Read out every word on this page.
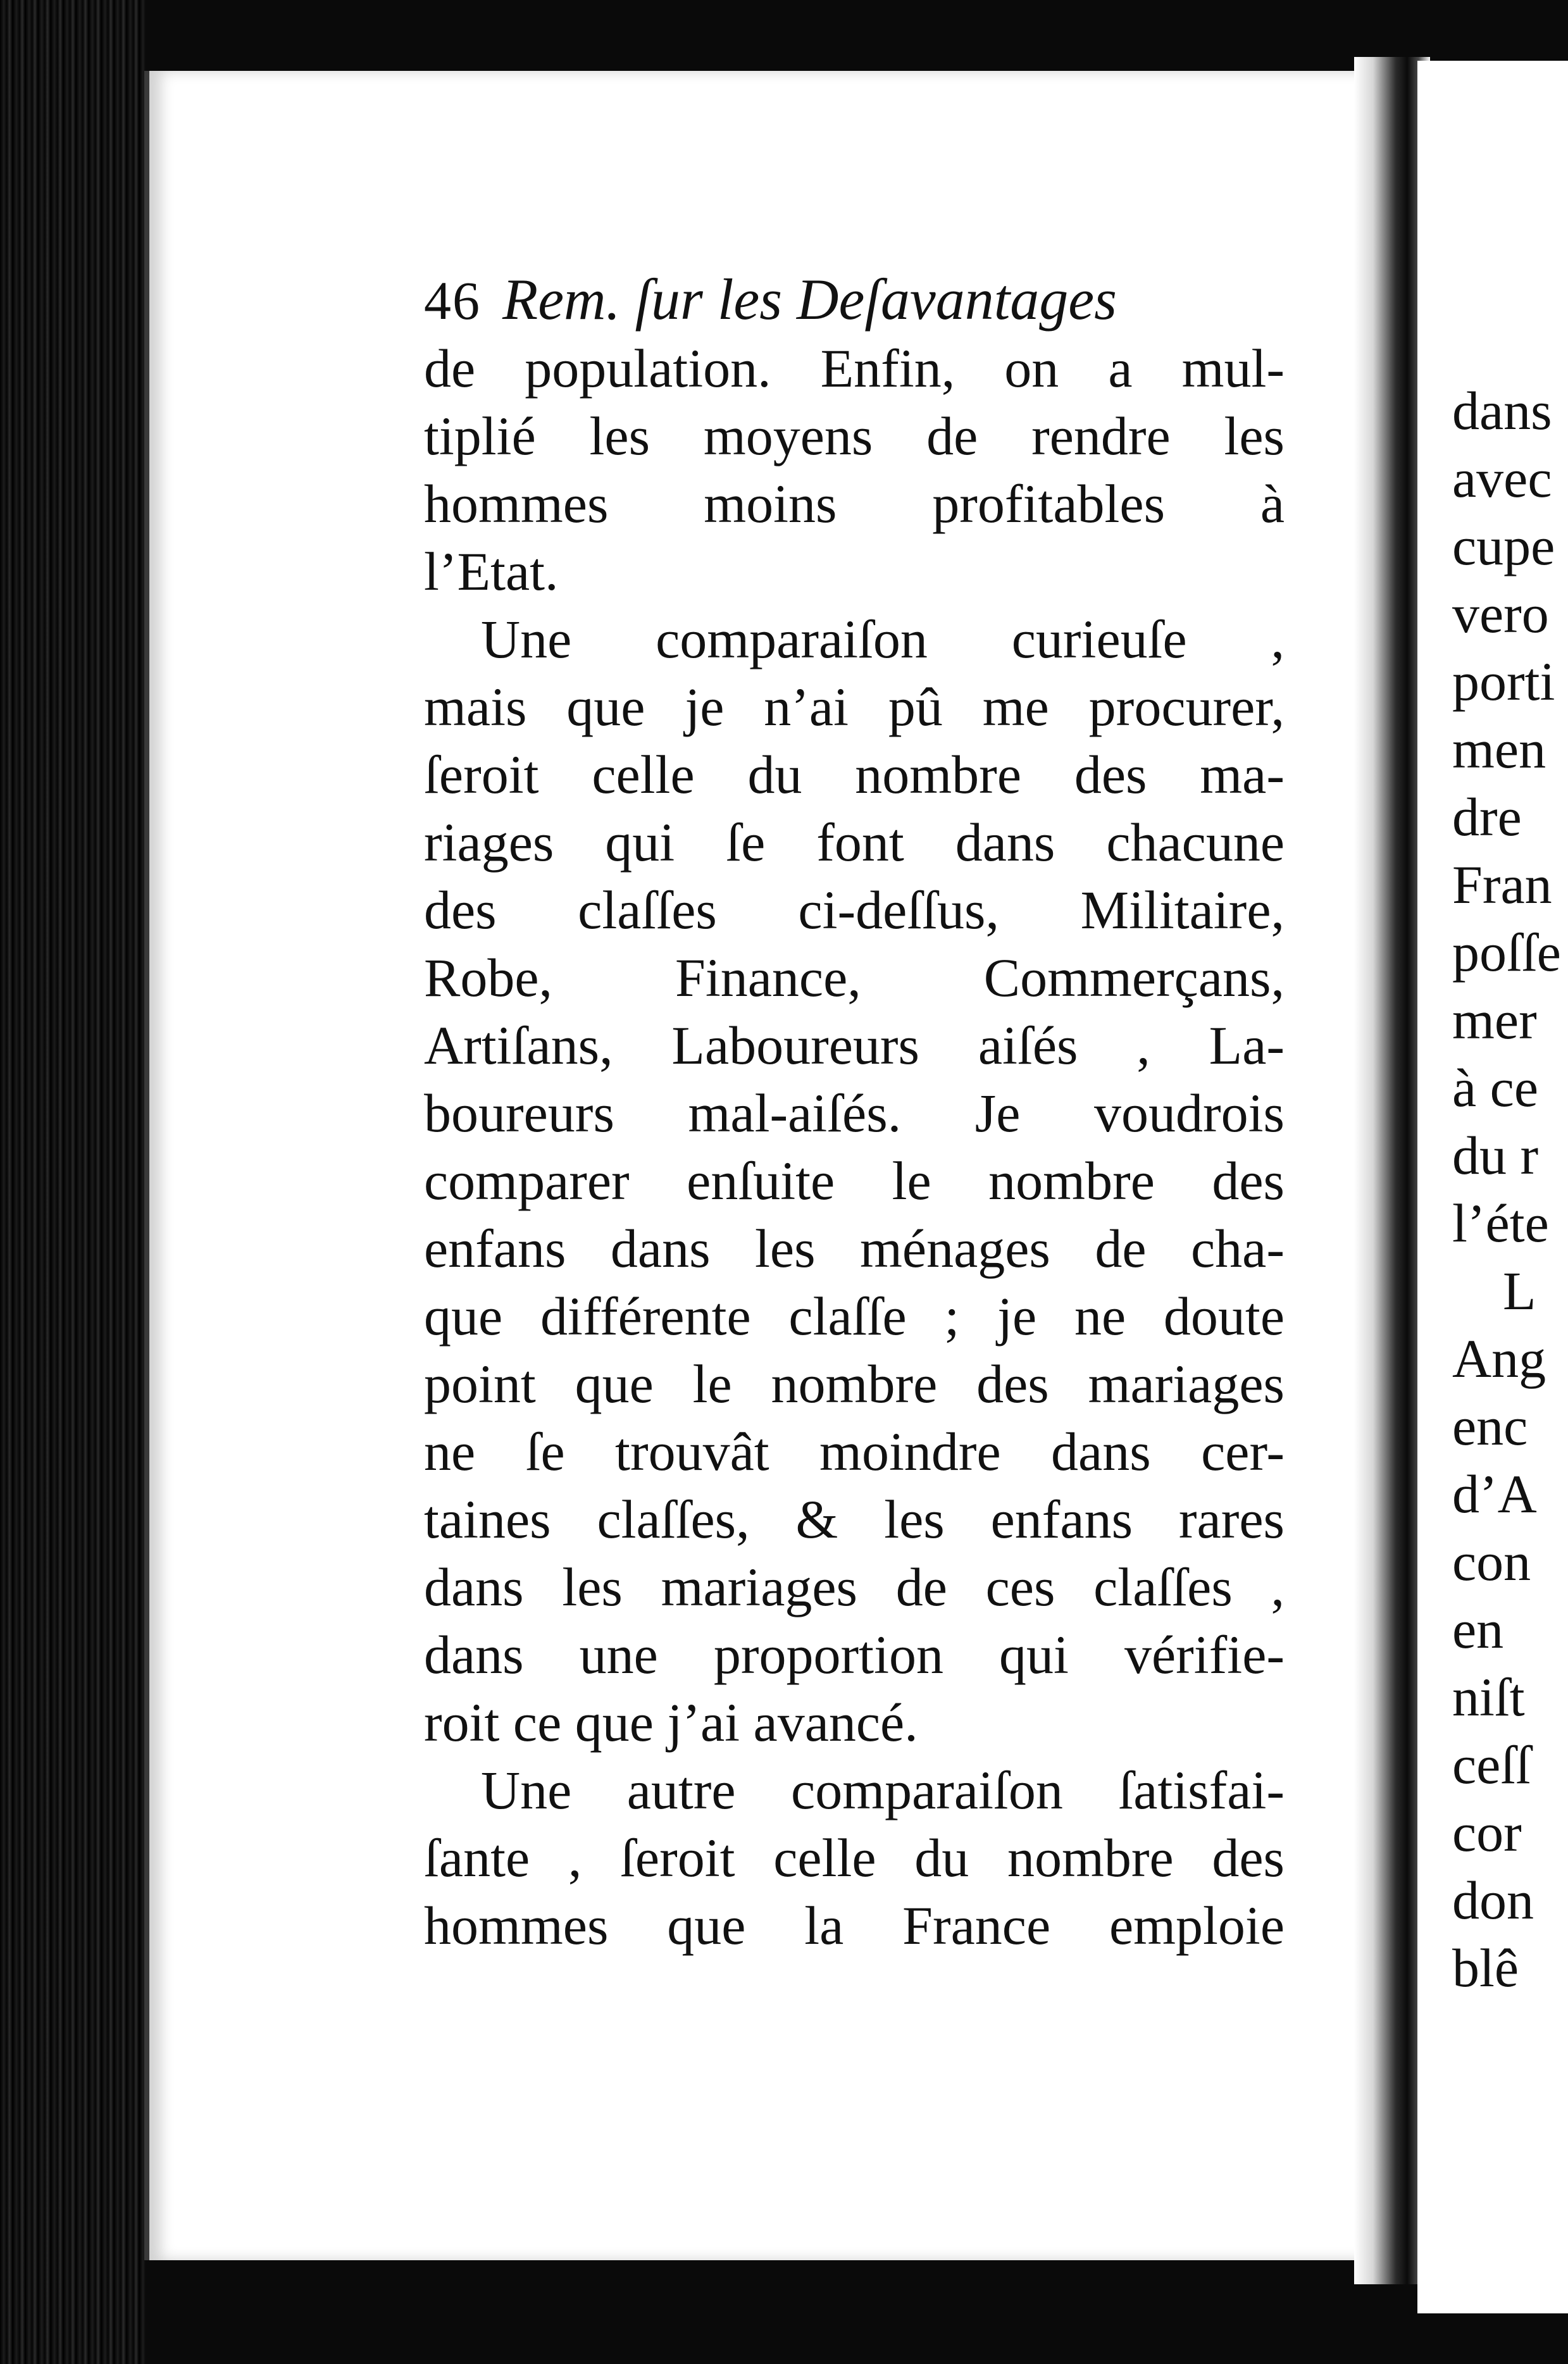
46 Rem. ſur les Deſavantages
de population. Enfin, on a mul-
tiplié les moyens de rendre les
hommes moins profitables à
l’Etat.
Une comparaiſon curieuſe ,
mais que je n’ai pû me procurer,
ſeroit celle du nombre des ma-
riages qui ſe font dans chacune
des claſſes ci-deſſus, Militaire,
Robe, Finance, Commerçans,
Artiſans, Laboureurs aiſés , La-
boureurs mal-aiſés. Je voudrois
comparer enſuite le nombre des
enfans dans les ménages de cha-
que différente claſſe ; je ne doute
point que le nombre des mariages
ne ſe trouvât moindre dans cer-
taines claſſes, & les enfans rares
dans les mariages de ces claſſes ,
dans une proportion qui vérifie-
roit ce que j’ai avancé.
Une autre comparaiſon ſatisfai-
ſante , ſeroit celle du nombre des
hommes que la France emploie
dans
avec
cupe
vero
porti
men
dre
Fran
poſſe
mer
à ce
du r
l’éte
L
Ang
enc
d’A
con
en
niſt
ceſſ
cor
don
blê
